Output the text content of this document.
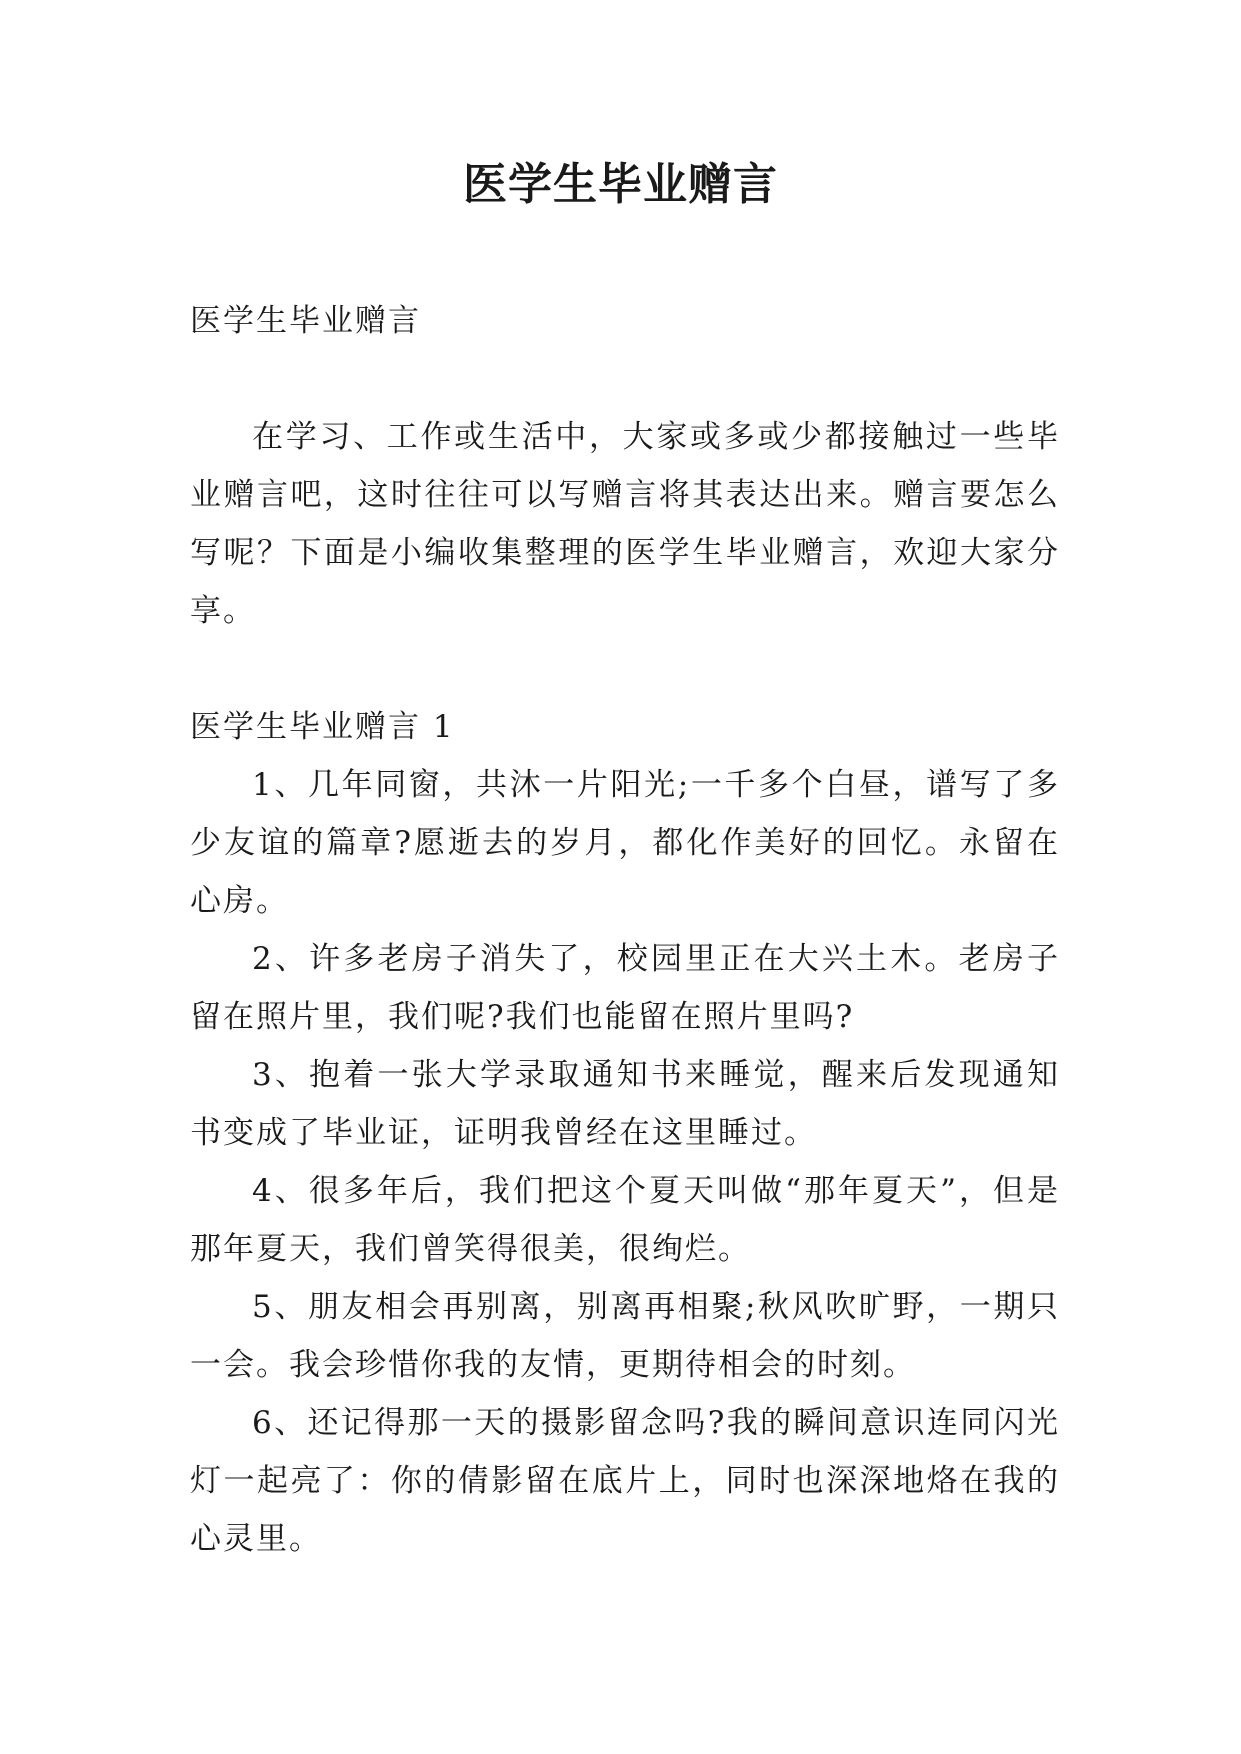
医学生毕业赠言

医学生毕业赠言

在学习、工作或生活中，大家或多或少都接触过一些毕业赠言吧，这时往往可以写赠言将其表达出来。赠言要怎么写呢？下面是小编收集整理的医学生毕业赠言，欢迎大家分享。

医学生毕业赠言 1

1、几年同窗，共沐一片阳光;一千多个白昼，谱写了多少友谊的篇章?愿逝去的岁月，都化作美好的回忆。永留在心房。

2、许多老房子消失了，校园里正在大兴土木。老房子留在照片里，我们呢?我们也能留在照片里吗?

3、抱着一张大学录取通知书来睡觉，醒来后发现通知书变成了毕业证，证明我曾经在这里睡过。

4、很多年后，我们把这个夏天叫做“那年夏天”，但是那年夏天，我们曾笑得很美，很绚烂。

5、朋友相会再别离，别离再相聚;秋风吹旷野，一期只一会。我会珍惜你我的友情，更期待相会的时刻。

6、还记得那一天的摄影留念吗?我的瞬间意识连同闪光灯一起亮了：你的倩影留在底片上，同时也深深地烙在我的心灵里。
